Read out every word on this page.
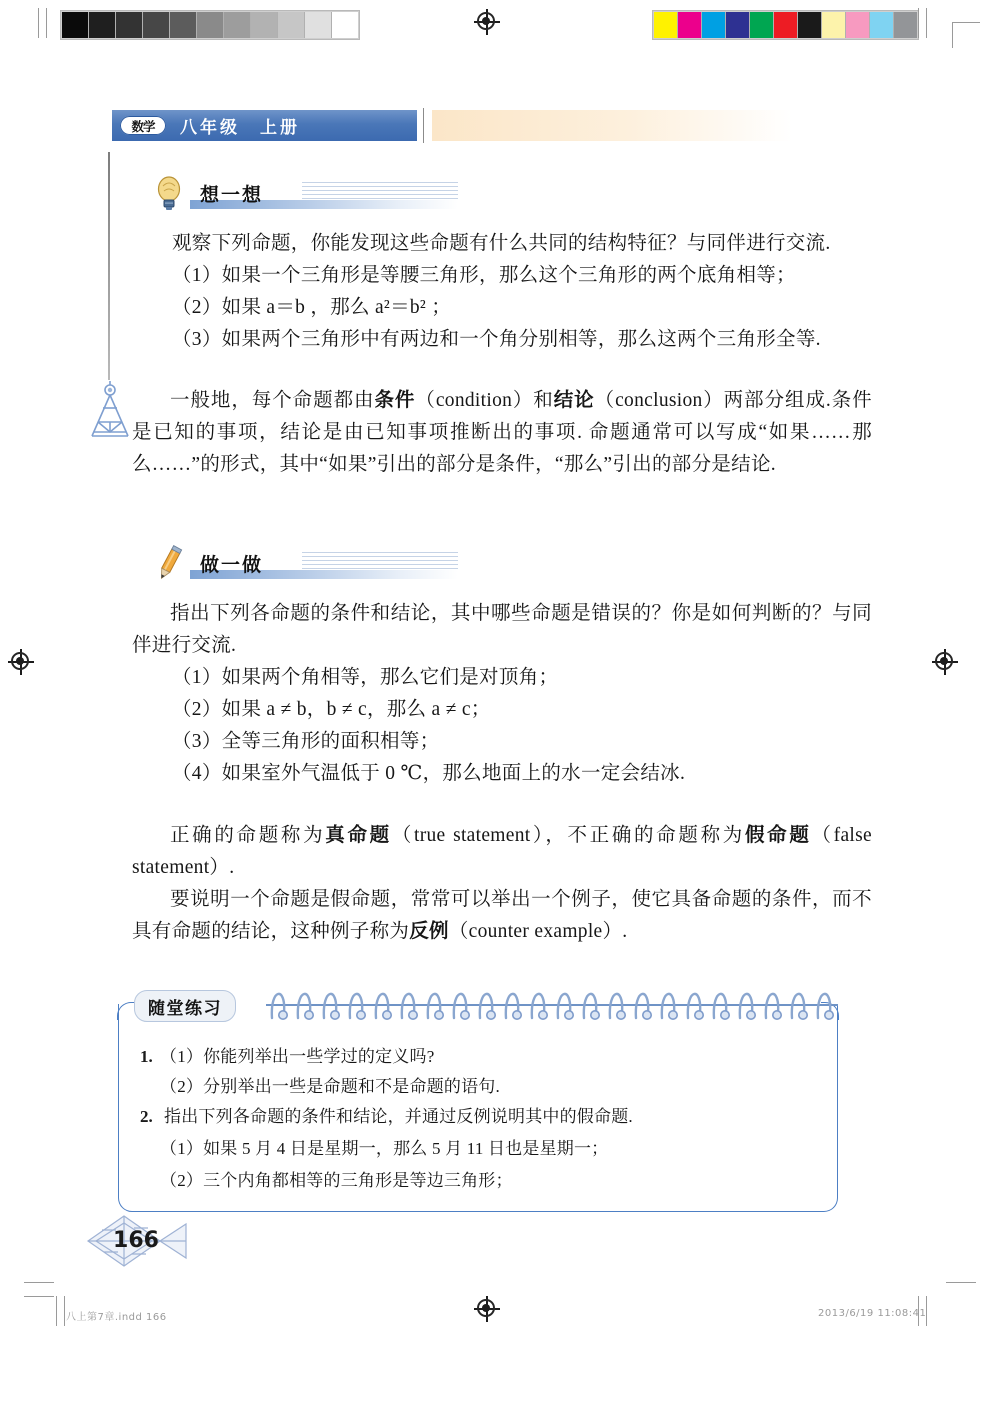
数学	八年级　上册
想一想
观察下列命题，你能发现这些命题有什么共同的结构特征？与同伴进行交流.
（1）如果一个三角形是等腰三角形，那么这个三角形的两个底角相等；
（2）如果 a＝b ，那么 a²＝b² ；
（3）如果两个三角形中有两边和一个角分别相等，那么这两个三角形全等.
一般地，每个命题都由条件（condition）和结论（conclusion）两部分组成.条件是已知的事项，结论是由已知事项推断出的事项. 命题通常可以写成“如果……那么……”的形式，其中“如果”引出的部分是条件，“那么”引出的部分是结论.
做一做
指出下列各命题的条件和结论，其中哪些命题是错误的？你是如何判断的？与同伴进行交流.
（1）如果两个角相等，那么它们是对顶角；
（2）如果 a ≠ b，b ≠ c，那么 a ≠ c；
（3）全等三角形的面积相等；
（4）如果室外气温低于 0 ℃，那么地面上的水一定会结冰.
正确的命题称为真命题（true statement），不正确的命题称为假命题（false statement）.
要说明一个命题是假命题，常常可以举出一个例子，使它具备命题的条件，而不具有命题的结论，这种例子称为反例（counter example）.
随堂练习
1. （1）你能列举出一些学过的定义吗?
（2）分别举出一些是命题和不是命题的语句.
2. 指出下列各命题的条件和结论，并通过反例说明其中的假命题.
（1）如果 5 月 4 日是星期一，那么 5 月 11 日也是星期一；
（2）三个内角都相等的三角形是等边三角形；
166
八上第7章.indd 166	2013/6/19 11:08:41
